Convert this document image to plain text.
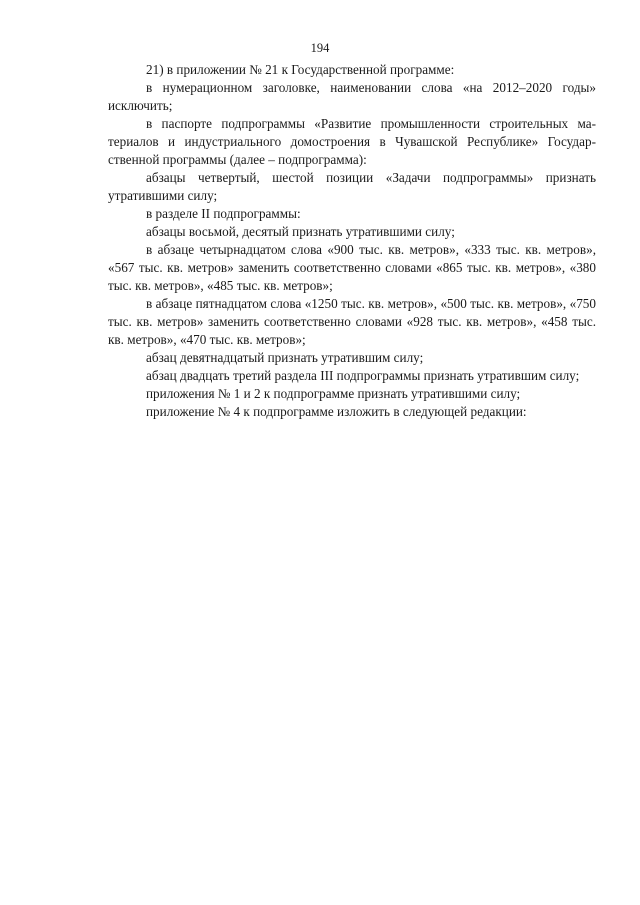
194

21) в приложении № 21 к Государственной программе:

в нумерационном заголовке, наименовании слова «на 2012–2020 годы» исключить;

в паспорте подпрограммы «Развитие промышленности строительных материалов и индустриального домостроения в Чувашской Республике» Государственной программы (далее – подпрограмма):

абзацы четвертый, шестой позиции «Задачи подпрограммы» признать утратившими силу;

в разделе II подпрограммы:

абзацы восьмой, десятый признать утратившими силу;

в абзаце четырнадцатом слова «900 тыс. кв. метров», «333 тыс. кв. метров», «567 тыс. кв. метров» заменить соответственно словами «865 тыс. кв. метров», «380 тыс. кв. метров», «485 тыс. кв. метров»;

в абзаце пятнадцатом слова «1250 тыс. кв. метров», «500 тыс. кв. метров», «750 тыс. кв. метров» заменить соответственно словами «928 тыс. кв. метров», «458 тыс. кв. метров», «470 тыс. кв. метров»;

абзац девятнадцатый признать утратившим силу;

абзац двадцать третий раздела III подпрограммы признать утратившим силу;

приложения № 1 и 2 к подпрограмме признать утратившими силу;

приложение № 4 к подпрограмме изложить в следующей редакции:
